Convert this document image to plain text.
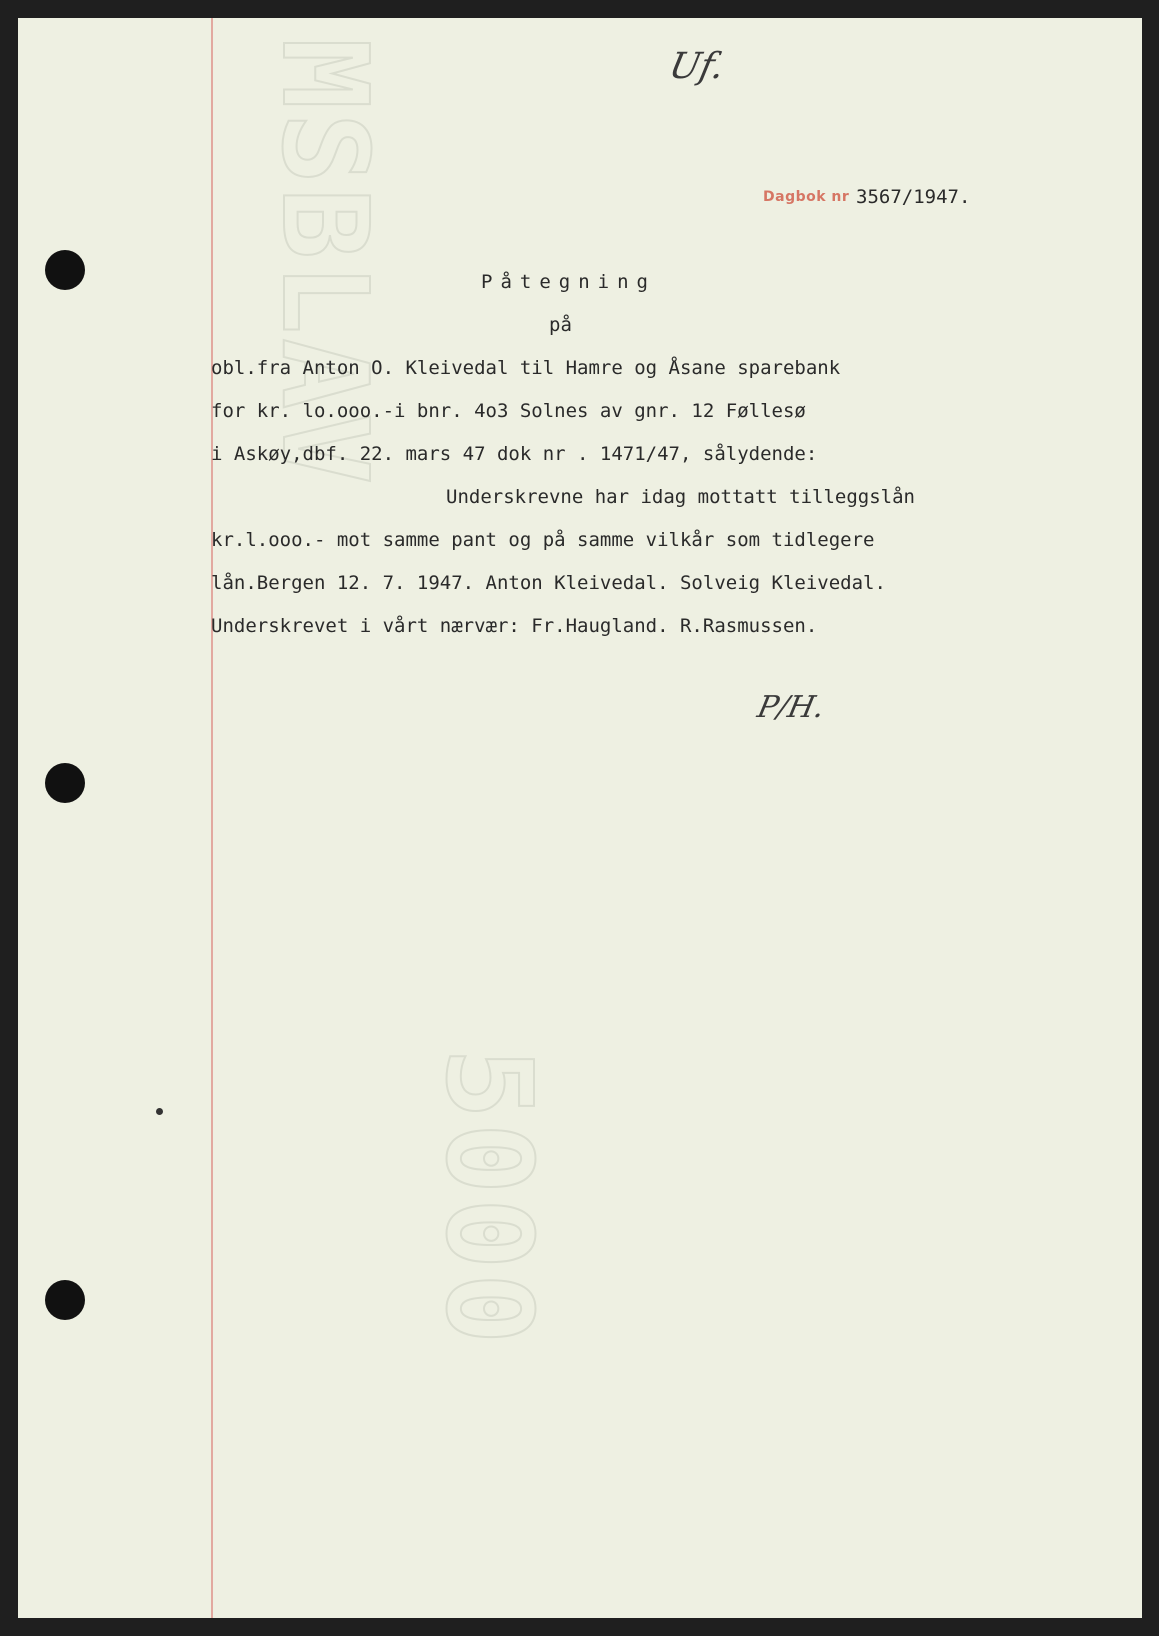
MSBLAV
5000
Dagbok nr 3567/1947.
Uf.
Påtegning
på
obl.fra Anton O. Kleivedal til Hamre og Åsane sparebank
for kr. lo.ooo.-i bnr. 4o3 Solnes av gnr. 12 Føllesø
i Askøy,dbf. 22. mars 47 dok nr . 1471/47, sålydende:
Underskrevne har idag mottatt tilleggslån
kr.l.ooo.- mot samme pant og på samme vilkår som tidlegere
lån.Bergen 12. 7. 1947. Anton Kleivedal. Solveig Kleivedal.
Underskrevet i vårt nærvær: Fr.Haugland. R.Rasmussen.
P/H.
